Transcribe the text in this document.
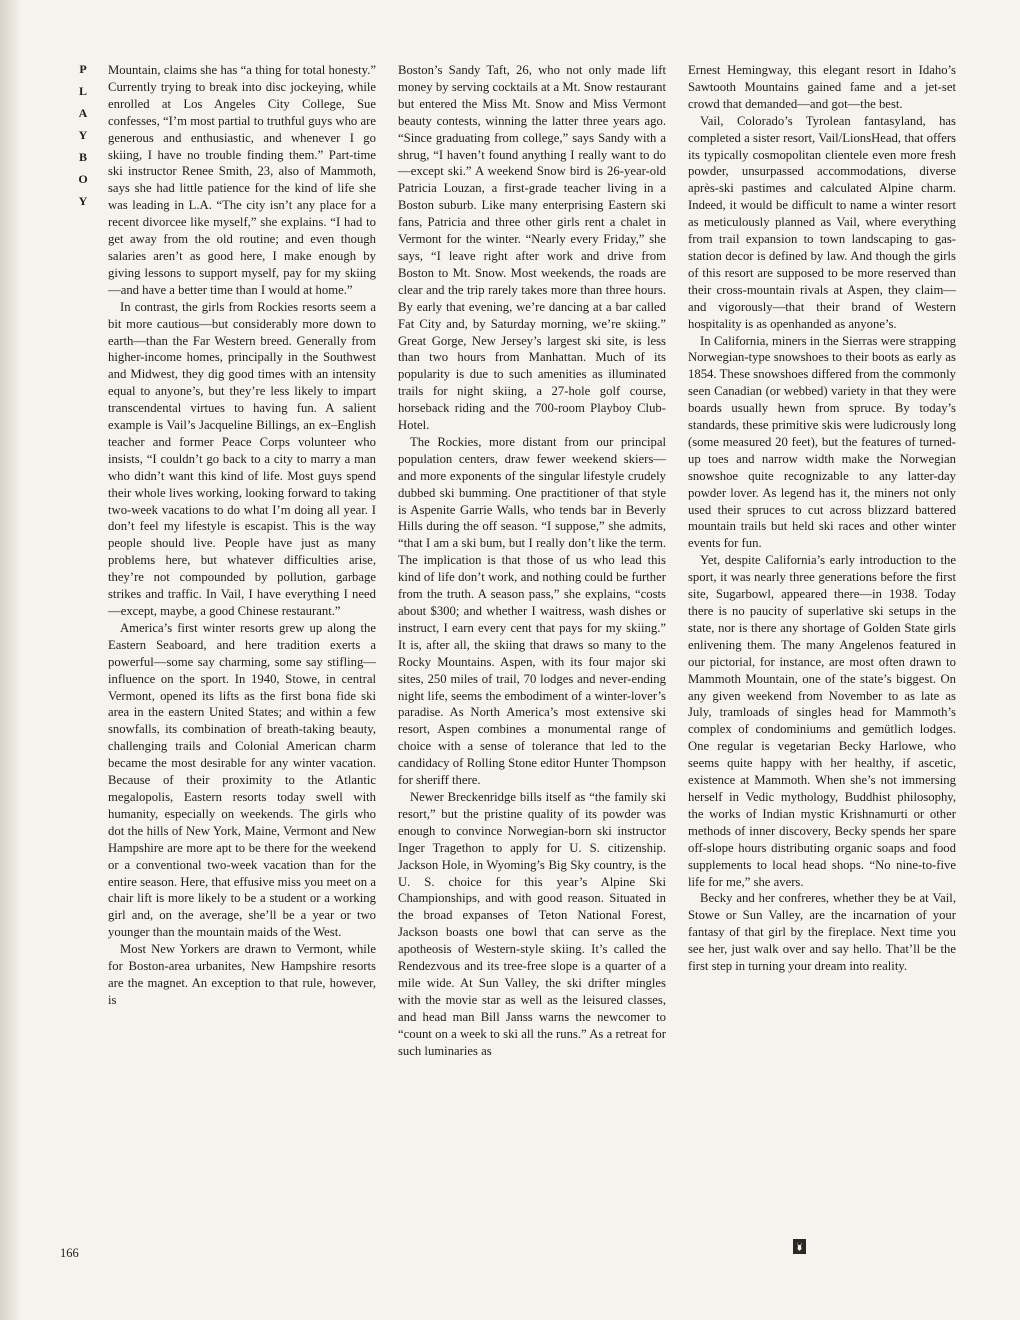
P
L
A
Y
B
O
Y

Mountain, claims she has “a thing for total honesty.” Currently trying to break into disc jockeying, while enrolled at Los Angeles City College, Sue confesses, “I’m most partial to truthful guys who are generous and enthusiastic, and whenever I go skiing, I have no trouble finding them.” Part-time ski instructor Renee Smith, 23, also of Mammoth, says she had little patience for the kind of life she was leading in L.A. “The city isn’t any place for a recent divorcee like myself,” she explains. “I had to get away from the old routine; and even though salaries aren’t as good here, I make enough by giving lessons to support myself, pay for my skiing—and have a better time than I would at home.”

In contrast, the girls from Rockies resorts seem a bit more cautious—but considerably more down to earth—than the Far Western breed. Generally from higher-income homes, principally in the Southwest and Midwest, they dig good times with an intensity equal to anyone’s, but they’re less likely to impart transcendental virtues to having fun. A salient example is Vail’s Jacqueline Billings, an ex–English teacher and former Peace Corps volunteer who insists, “I couldn’t go back to a city to marry a man who didn’t want this kind of life. Most guys spend their whole lives working, looking forward to taking two-week vacations to do what I’m doing all year. I don’t feel my lifestyle is escapist. This is the way people should live. People have just as many problems here, but whatever difficulties arise, they’re not compounded by pollution, garbage strikes and traffic. In Vail, I have everything I need—except, maybe, a good Chinese restaurant.”

America’s first winter resorts grew up along the Eastern Seaboard, and here tradition exerts a powerful—some say charming, some say stifling—influence on the sport. In 1940, Stowe, in central Vermont, opened its lifts as the first bona fide ski area in the eastern United States; and within a few snowfalls, its combination of breath-taking beauty, challenging trails and Colonial American charm became the most desirable for any winter vacation. Because of their proximity to the Atlantic megalopolis, Eastern resorts today swell with humanity, especially on weekends. The girls who dot the hills of New York, Maine, Vermont and New Hampshire are more apt to be there for the weekend or a conventional two-week vacation than for the entire season. Here, that effusive miss you meet on a chair lift is more likely to be a student or a working girl and, on the average, she’ll be a year or two younger than the mountain maids of the West.

Most New Yorkers are drawn to Vermont, while for Boston-area urbanites, New Hampshire resorts are the magnet. An exception to that rule, however, is

Boston’s Sandy Taft, 26, who not only made lift money by serving cocktails at a Mt. Snow restaurant but entered the Miss Mt. Snow and Miss Vermont beauty contests, winning the latter three years ago. “Since graduating from college,” says Sandy with a shrug, “I haven’t found anything I really want to do—except ski.” A weekend Snow bird is 26-year-old Patricia Louzan, a first-grade teacher living in a Boston suburb. Like many enterprising Eastern ski fans, Patricia and three other girls rent a chalet in Vermont for the winter. “Nearly every Friday,” she says, “I leave right after work and drive from Boston to Mt. Snow. Most weekends, the roads are clear and the trip rarely takes more than three hours. By early that evening, we’re dancing at a bar called Fat City and, by Saturday morning, we’re skiing.” Great Gorge, New Jersey’s largest ski site, is less than two hours from Manhattan. Much of its popularity is due to such amenities as illuminated trails for night skiing, a 27-hole golf course, horseback riding and the 700-room Playboy Club-Hotel.

The Rockies, more distant from our principal population centers, draw fewer weekend skiers—and more exponents of the singular lifestyle crudely dubbed ski bumming. One practitioner of that style is Aspenite Garrie Walls, who tends bar in Beverly Hills during the off season. “I suppose,” she admits, “that I am a ski bum, but I really don’t like the term. The implication is that those of us who lead this kind of life don’t work, and nothing could be further from the truth. A season pass,” she explains, “costs about $300; and whether I waitress, wash dishes or instruct, I earn every cent that pays for my skiing.” It is, after all, the skiing that draws so many to the Rocky Mountains. Aspen, with its four major ski sites, 250 miles of trail, 70 lodges and never-ending night life, seems the embodiment of a winter-lover’s paradise. As North America’s most extensive ski resort, Aspen combines a monumental range of choice with a sense of tolerance that led to the candidacy of Rolling Stone editor Hunter Thompson for sheriff there.

Newer Breckenridge bills itself as “the family ski resort,” but the pristine quality of its powder was enough to convince Norwegian-born ski instructor Inger Tragethon to apply for U. S. citizenship. Jackson Hole, in Wyoming’s Big Sky country, is the U. S. choice for this year’s Alpine Ski Championships, and with good reason. Situated in the broad expanses of Teton National Forest, Jackson boasts one bowl that can serve as the apotheosis of Western-style skiing. It’s called the Rendezvous and its tree-free slope is a quarter of a mile wide. At Sun Valley, the ski drifter mingles with the movie star as well as the leisured classes, and head man Bill Janss warns the newcomer to “count on a week to ski all the runs.” As a retreat for such luminaries as

Ernest Hemingway, this elegant resort in Idaho’s Sawtooth Mountains gained fame and a jet-set crowd that demanded—and got—the best.

Vail, Colorado’s Tyrolean fantasyland, has completed a sister resort, Vail/LionsHead, that offers its typically cosmopolitan clientele even more fresh powder, unsurpassed accommodations, diverse après-ski pastimes and calculated Alpine charm. Indeed, it would be difficult to name a winter resort as meticulously planned as Vail, where everything from trail expansion to town landscaping to gas-station decor is defined by law. And though the girls of this resort are supposed to be more reserved than their cross-mountain rivals at Aspen, they claim—and vigorously—that their brand of Western hospitality is as openhanded as anyone’s.

In California, miners in the Sierras were strapping Norwegian-type snowshoes to their boots as early as 1854. These snowshoes differed from the commonly seen Canadian (or webbed) variety in that they were boards usually hewn from spruce. By today’s standards, these primitive skis were ludicrously long (some measured 20 feet), but the features of turned-up toes and narrow width make the Norwegian snowshoe quite recognizable to any latter-day powder lover. As legend has it, the miners not only used their spruces to cut across blizzard battered mountain trails but held ski races and other winter events for fun.

Yet, despite California’s early introduction to the sport, it was nearly three generations before the first site, Sugarbowl, appeared there—in 1938. Today there is no paucity of superlative ski setups in the state, nor is there any shortage of Golden State girls enlivening them. The many Angelenos featured in our pictorial, for instance, are most often drawn to Mammoth Mountain, one of the state’s biggest. On any given weekend from November to as late as July, tramloads of singles head for Mammoth’s complex of condominiums and gemütlich lodges. One regular is vegetarian Becky Harlowe, who seems quite happy with her healthy, if ascetic, existence at Mammoth. When she’s not immersing herself in Vedic mythology, Buddhist philosophy, the works of Indian mystic Krishnamurti or other methods of inner discovery, Becky spends her spare off-slope hours distributing organic soaps and food supplements to local head shops. “No nine-to-five life for me,” she avers.

Becky and her confreres, whether they be at Vail, Stowe or Sun Valley, are the incarnation of your fantasy of that girl by the fireplace. Next time you see her, just walk over and say hello. That’ll be the first step in turning your dream into reality.

166
